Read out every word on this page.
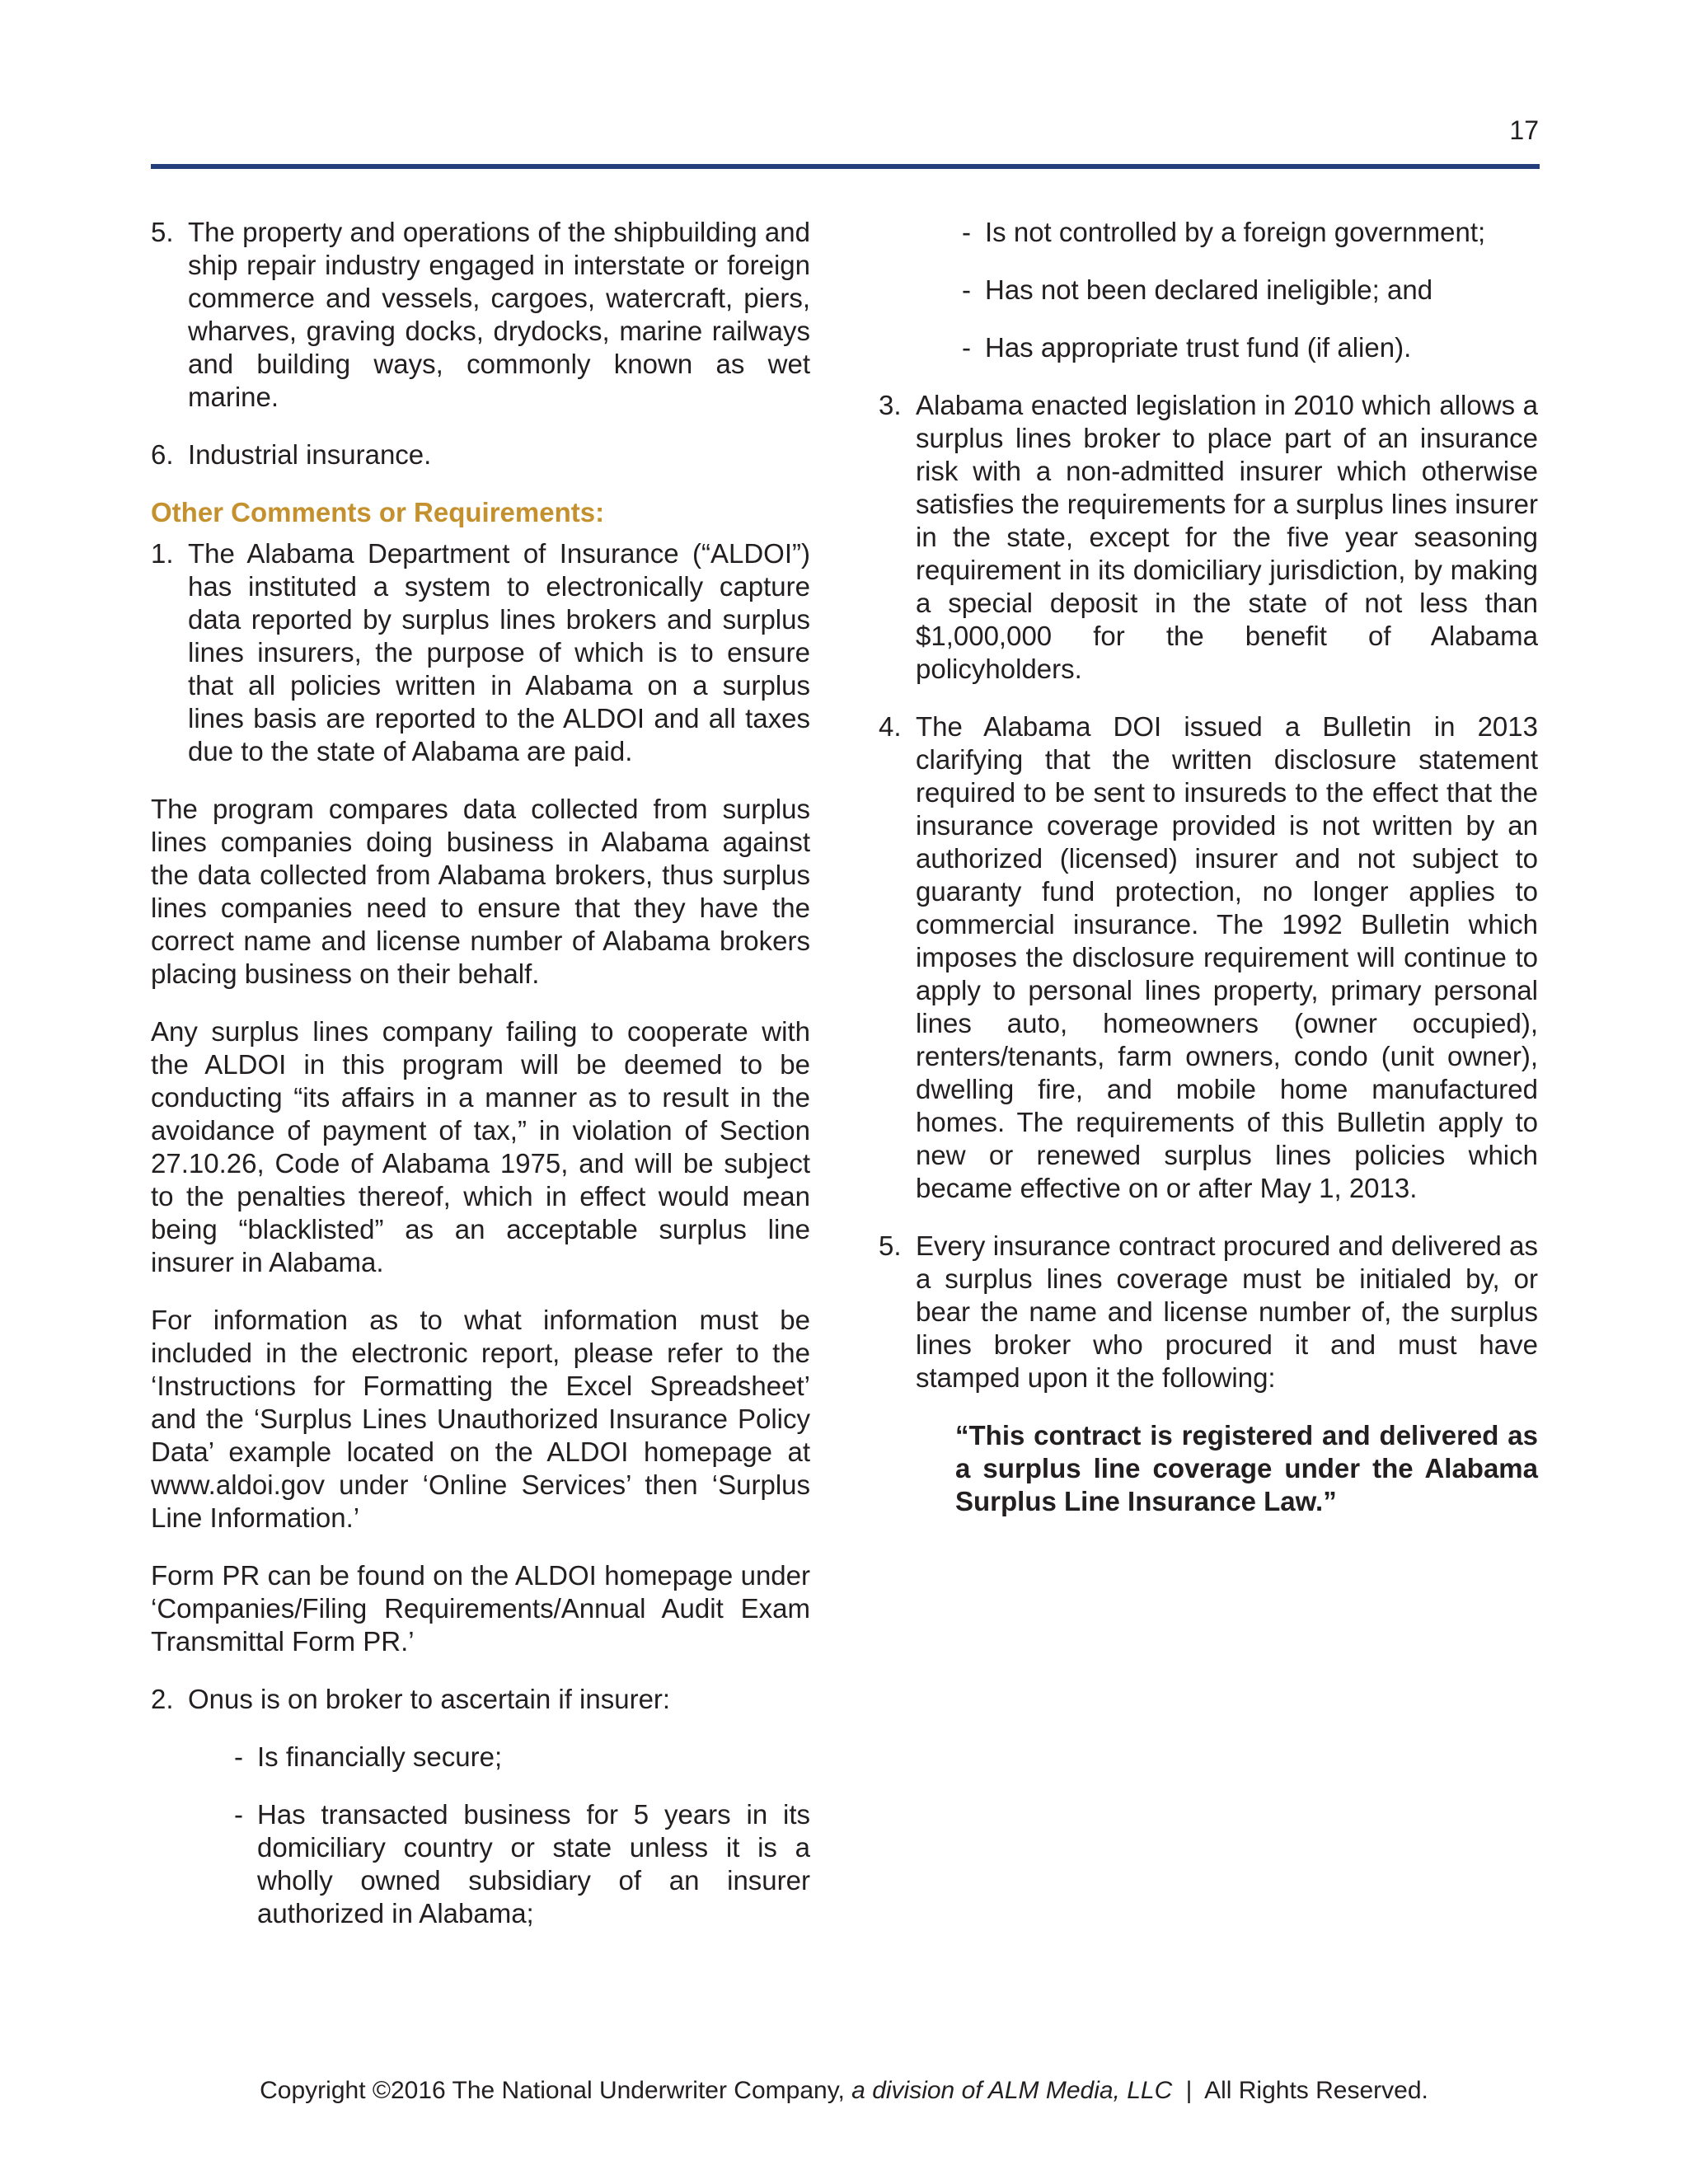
17
5. The property and operations of the shipbuilding and ship repair industry engaged in interstate or foreign commerce and vessels, cargoes, watercraft, piers, wharves, graving docks, drydocks, marine railways and building ways, commonly known as wet marine.
6. Industrial insurance.
Other Comments or Requirements:
1. The Alabama Department of Insurance (“ALDOI”) has instituted a system to electronically capture data reported by surplus lines brokers and surplus lines insurers, the purpose of which is to ensure that all policies written in Alabama on a surplus lines basis are reported to the ALDOI and all taxes due to the state of Alabama are paid.

The program compares data collected from surplus lines companies doing business in Alabama against the data collected from Alabama brokers, thus surplus lines companies need to ensure that they have the correct name and license number of Alabama brokers placing business on their behalf.

Any surplus lines company failing to cooperate with the ALDOI in this program will be deemed to be conducting “its affairs in a manner as to result in the avoidance of payment of tax,” in violation of Section 27.10.26, Code of Alabama 1975, and will be subject to the penalties thereof, which in effect would mean being “blacklisted” as an acceptable surplus line insurer in Alabama.

For information as to what information must be included in the electronic report, please refer to the ‘Instructions for Formatting the Excel Spreadsheet’ and the ‘Surplus Lines Unauthorized Insurance Policy Data’ example located on the ALDOI homepage at www.aldoi.gov under ‘Online Services’ then ‘Surplus Line Information.’

Form PR can be found on the ALDOI homepage under ‘Companies/Filing Requirements/Annual Audit Exam Transmittal Form PR.’

2. Onus is on broker to ascertain if insurer:
- Is financially secure;
- Has transacted business for 5 years in its domiciliary country or state unless it is a wholly owned subsidiary of an insurer authorized in Alabama;
- Is not controlled by a foreign government;
- Has not been declared ineligible; and
- Has appropriate trust fund (if alien).
3. Alabama enacted legislation in 2010 which allows a surplus lines broker to place part of an insurance risk with a non-admitted insurer which otherwise satisfies the requirements for a surplus lines insurer in the state, except for the five year seasoning requirement in its domiciliary jurisdiction, by making a special deposit in the state of not less than $1,000,000 for the benefit of Alabama policyholders.
4. The Alabama DOI issued a Bulletin in 2013 clarifying that the written disclosure statement required to be sent to insureds to the effect that the insurance coverage provided is not written by an authorized (licensed) insurer and not subject to guaranty fund protection, no longer applies to commercial insurance. The 1992 Bulletin which imposes the disclosure requirement will continue to apply to personal lines property, primary personal lines auto, homeowners (owner occupied), renters/tenants, farm owners, condo (unit owner), dwelling fire, and mobile home manufactured homes. The requirements of this Bulletin apply to new or renewed surplus lines policies which became effective on or after May 1, 2013.
5. Every insurance contract procured and delivered as a surplus lines coverage must be initialed by, or bear the name and license number of, the surplus lines broker who procured it and must have stamped upon it the following:
“This contract is registered and delivered as a surplus line coverage under the Alabama Surplus Line Insurance Law.”
Copyright ©2016 The National Underwriter Company, a division of ALM Media, LLC | All Rights Reserved.
